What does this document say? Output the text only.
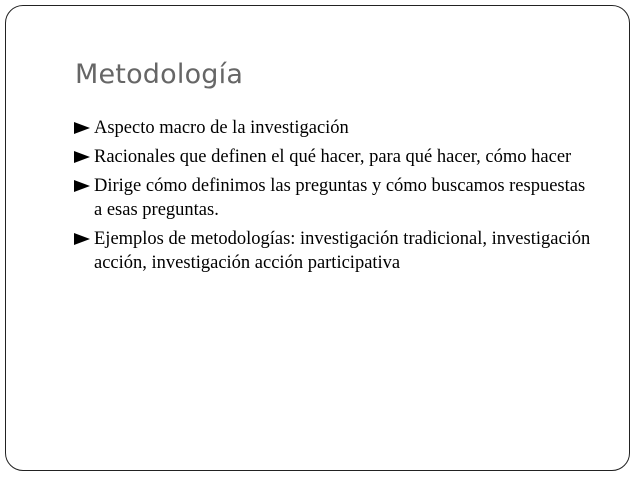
Metodología
Aspecto macro de la investigación
Racionales que definen el qué hacer, para qué hacer, cómo hacer
Dirige cómo definimos las preguntas y cómo buscamos respuestas a esas preguntas.
Ejemplos de metodologías: investigación tradicional, investigación acción, investigación acción participativa
